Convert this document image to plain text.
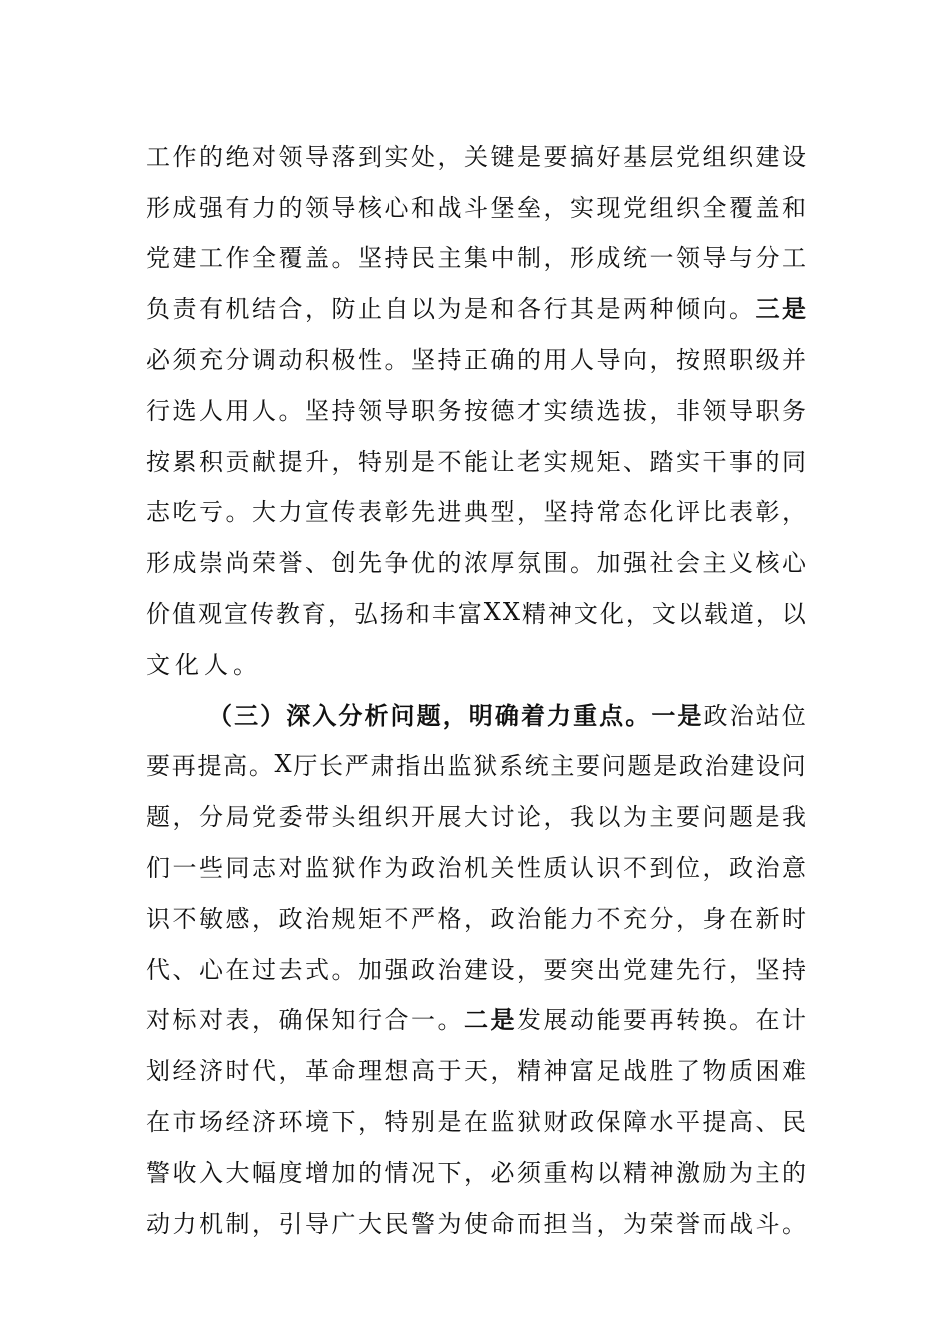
工 作 的 绝 对 领 导 落 到 实 处 ， 关 键 是 要 搞 好 基 层 党 组 织 建 设
形 成 强 有 力 的 领 导 核 心 和 战 斗 堡 垒 ， 实 现 党 组 织 全 覆 盖 和
党 建 工 作 全 覆 盖 。 坚 持 民 主 集 中 制 ， 形 成 统 一 领 导 与 分 工
负 责 有 机 结 合 ， 防 止 自 以 为 是 和 各 行 其 是 两 种 倾 向 。 三 是
必 须 充 分 调 动 积 极 性 。 坚 持 正 确 的 用 人 导 向 ， 按 照 职 级 并
行 选 人 用 人 。 坚 持 领 导 职 务 按 德 才 实 绩 选 拔 ， 非 领 导 职 务
按 累 积 贡 献 提 升 ， 特 别 是 不 能 让 老 实 规 矩 、 踏 实 干 事 的 同
志 吃 亏 。 大 力 宣 传 表 彰 先 进 典 型 ， 坚 持 常 态 化 评 比 表 彰 ，
形 成 崇 尚 荣 誉 、 创 先 争 优 的 浓 厚 氛 围 。 加 强 社 会 主 义 核 心
价 值 观 宣 传 教 育 ， 弘 扬 和 丰 富 X X 精 神 文 化 ， 文 以 载 道 ， 以
文 化 人 。
（ 三 ） 深 入 分 析 问 题 ， 明 确 着 力 重 点 。 一 是 政 治 站 位
要 再 提 高 。 X 厅 长 严 肃 指 出 监 狱 系 统 主 要 问 题 是 政 治 建 设 问
题 ， 分 局 党 委 带 头 组 织 开 展 大 讨 论 ， 我 以 为 主 要 问 题 是 我
们 一 些 同 志 对 监 狱 作 为 政 治 机 关 性 质 认 识 不 到 位 ， 政 治 意
识 不 敏 感 ， 政 治 规 矩 不 严 格 ， 政 治 能 力 不 充 分 ， 身 在 新 时
代 、 心 在 过 去 式 。 加 强 政 治 建 设 ， 要 突 出 党 建 先 行 ， 坚 持
对 标 对 表 ， 确 保 知 行 合 一 。 二 是 发 展 动 能 要 再 转 换 。 在 计
划 经 济 时 代 ， 革 命 理 想 高 于 天 ， 精 神 富 足 战 胜 了 物 质 困 难
在 市 场 经 济 环 境 下 ， 特 别 是 在 监 狱 财 政 保 障 水 平 提 高 、 民
警 收 入 大 幅 度 增 加 的 情 况 下 ， 必 须 重 构 以 精 神 激 励 为 主 的
动 力 机 制 ， 引 导 广 大 民 警 为 使 命 而 担 当 ， 为 荣 誉 而 战 斗 。
